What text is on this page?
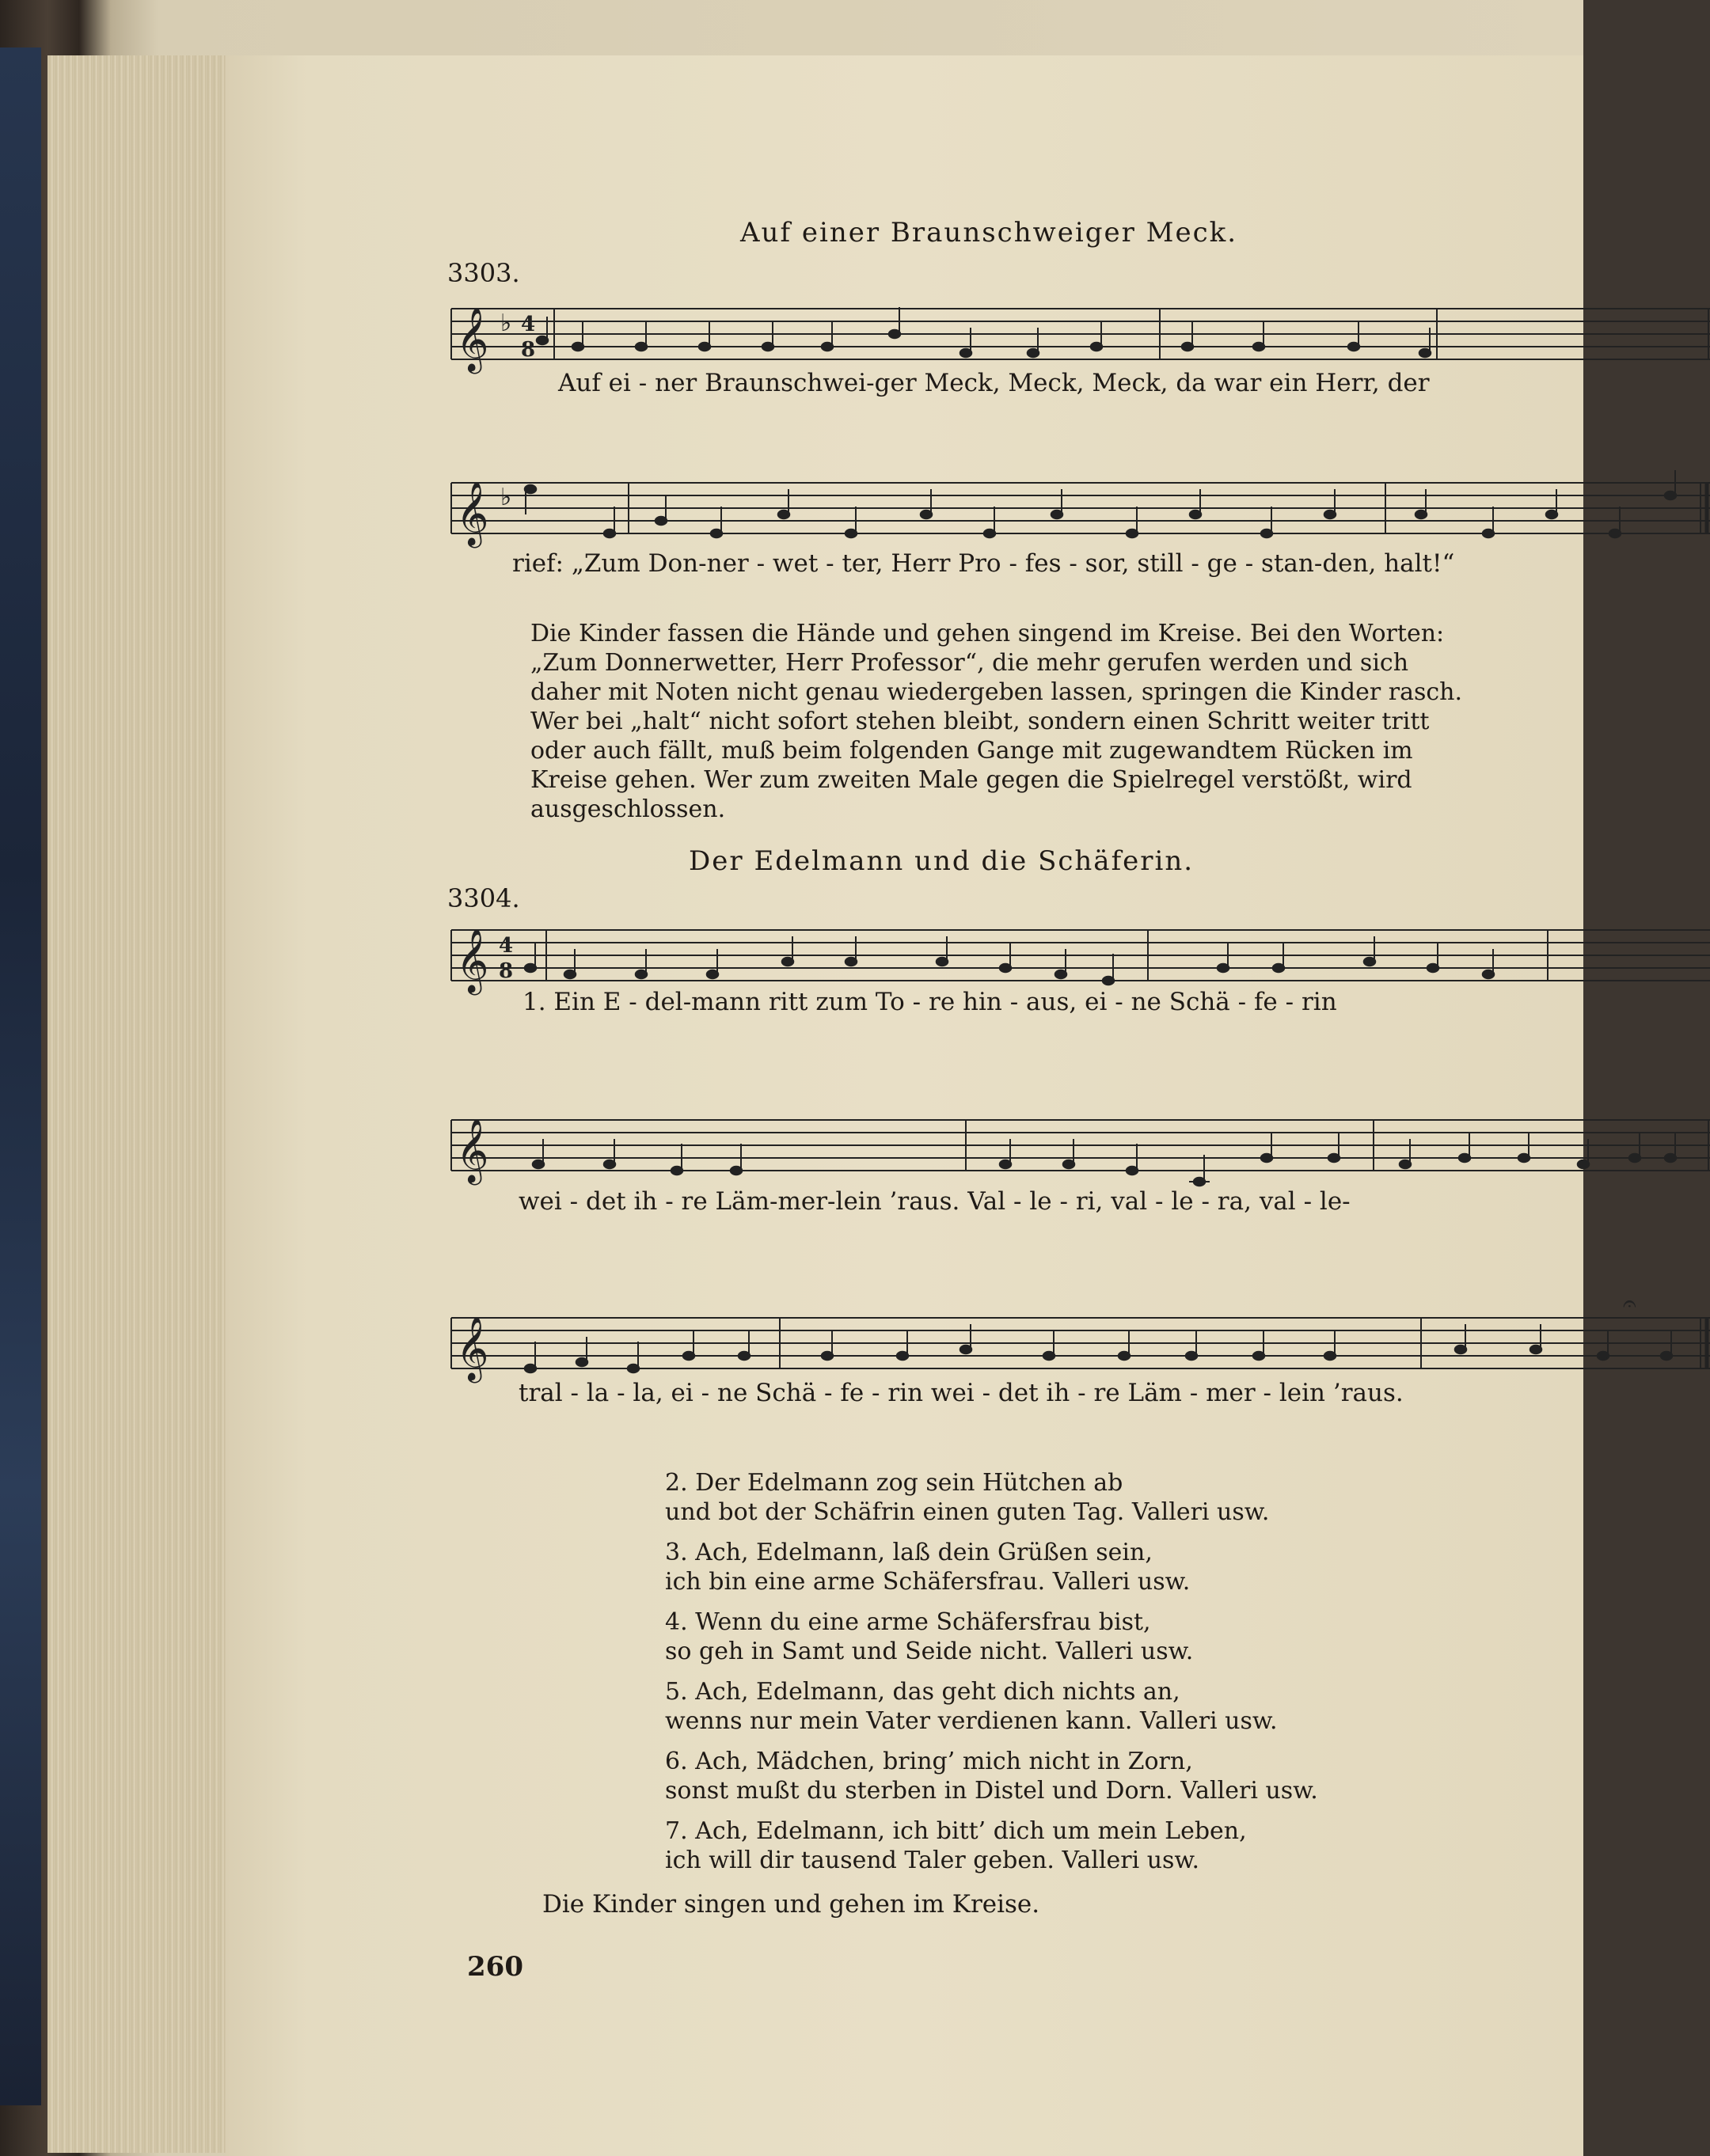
Auf einer Braunschweiger Meck.
3303.
𝄞 ♭ 4
8
Auf ei - ner Braunschwei-ger Meck, Meck, Meck, da war ein Herr, der
𝄞 ♭
rief: „Zum Don-ner - wet - ter, Herr Pro - fes - sor, still - ge - stan-den, halt!“
Die Kinder fassen die Hände und gehen singend im Kreise. Bei den Worten: „Zum Donnerwetter, Herr Professor“, die mehr gerufen werden und sich daher mit Noten nicht genau wiedergeben lassen, springen die Kinder rasch. Wer bei „halt“ nicht sofort stehen bleibt, sondern einen Schritt weiter tritt oder auch fällt, muß beim folgenden Gange mit zugewandtem Rücken im Kreise gehen. Wer zum zweiten Male gegen die Spielregel verstößt, wird ausgeschlossen.
Der Edelmann und die Schäferin.
3304.
𝄞 4
8
1. Ein E - del-mann ritt zum To - re hin - aus, ei - ne Schä - fe - rin
𝄞
wei - det ih - re Läm-mer-lein ’raus. Val - le - ri, val - le - ra, val - le-
𝄞
𝄐
tral - la - la, ei - ne Schä - fe - rin wei - det ih - re Läm - mer - lein ’raus.
2. Der Edelmann zog sein Hütchen ab
und bot der Schäfrin einen guten Tag. Valleri usw.
3. Ach, Edelmann, laß dein Grüßen sein,
ich bin eine arme Schäfersfrau. Valleri usw.
4. Wenn du eine arme Schäfersfrau bist,
so geh in Samt und Seide nicht. Valleri usw.
5. Ach, Edelmann, das geht dich nichts an,
wenns nur mein Vater verdienen kann. Valleri usw.
6. Ach, Mädchen, bring’ mich nicht in Zorn,
sonst mußt du sterben in Distel und Dorn. Valleri usw.
7. Ach, Edelmann, ich bitt’ dich um mein Leben,
ich will dir tausend Taler geben. Valleri usw.
Die Kinder singen und gehen im Kreise.
260
